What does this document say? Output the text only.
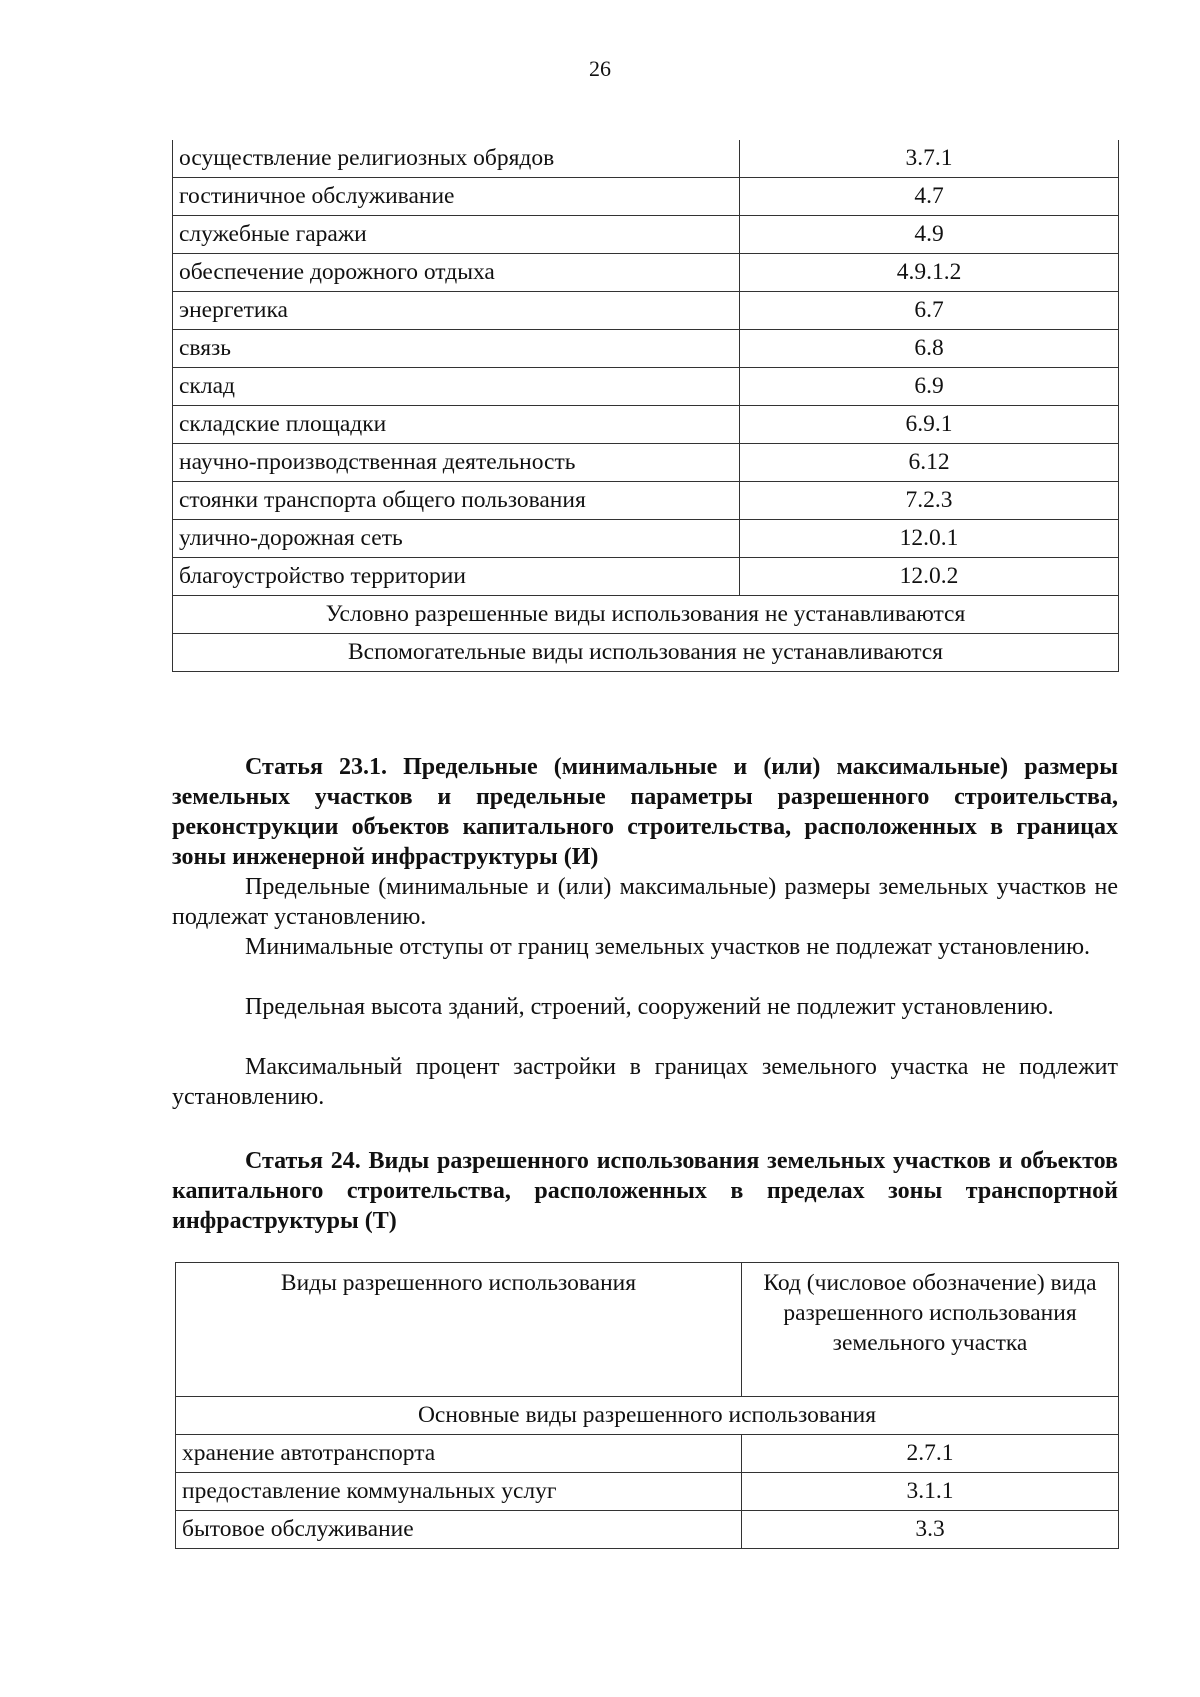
26
осуществление религиозных обрядов	3.7.1
гостиничное обслуживание	4.7
служебные гаражи	4.9
обеспечение дорожного отдыха	4.9.1.2
энергетика	6.7
связь	6.8
склад	6.9
складские площадки	6.9.1
научно-производственная деятельность	6.12
стоянки транспорта общего пользования	7.2.3
улично-дорожная сеть	12.0.1
благоустройство территории	12.0.2
Условно разрешенные виды использования не устанавливаются	
Вспомогательные виды использования не устанавливаются	
Статья 23.1. Предельные (минимальные и (или) максимальные) размеры земельных участков и предельные параметры разрешенного строительства, реконструкции объектов капитального строительства, расположенных в границах зоны инженерной инфраструктуры (И)
Предельные (минимальные и (или) максимальные) размеры земельных участков не подлежат установлению.
Минимальные отступы от границ земельных участков не подлежат установлению.
Предельная высота зданий, строений, сооружений не подлежит установлению.
Максимальный процент застройки в границах земельного участка не подлежит установлению.
Статья 24. Виды разрешенного использования земельных участков и объектов капитального строительства, расположенных в пределах зоны транспортной инфраструктуры (Т)
Виды разрешенного использования	Код (числовое обозначение) вида разрешенного использования земельного участка
Основные виды разрешенного использования	
хранение автотранспорта	2.7.1
предоставление коммунальных услуг	3.1.1
бытовое обслуживание	3.3
